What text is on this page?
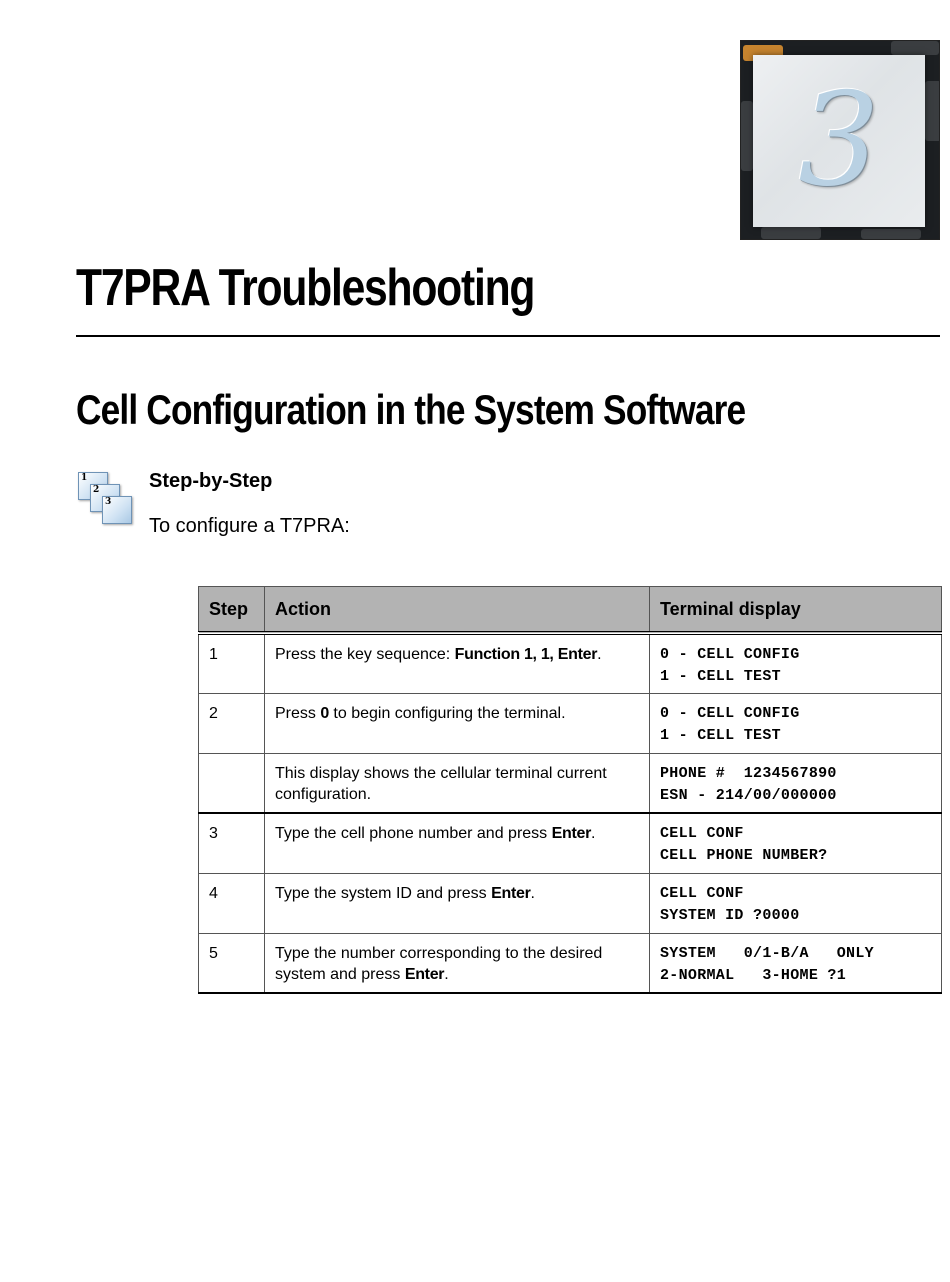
3
T7PRA Troubleshooting
Cell Configuration in the System Software
1
2
3
Step-by-Step
To configure a T7PRA:
Step	Action	Terminal display
1	Press the key sequence: Function 1, 1, Enter.	0 - CELL CONFIG
1 - CELL TEST

2	Press 0 to begin configuring the terminal.	0 - CELL CONFIG
1 - CELL TEST

	This display shows the cellular terminal current configuration.	PHONE #  1234567890
ESN - 214/00/000000

3	Type the cell phone number and press Enter.	CELL CONF
CELL PHONE NUMBER?

4	Type the system ID and press Enter.	CELL CONF
SYSTEM ID ?0000

5	Type the number corresponding to the desired system and press Enter.	SYSTEM   0/1-B/A   ONLY
2-NORMAL   3-HOME ?1
